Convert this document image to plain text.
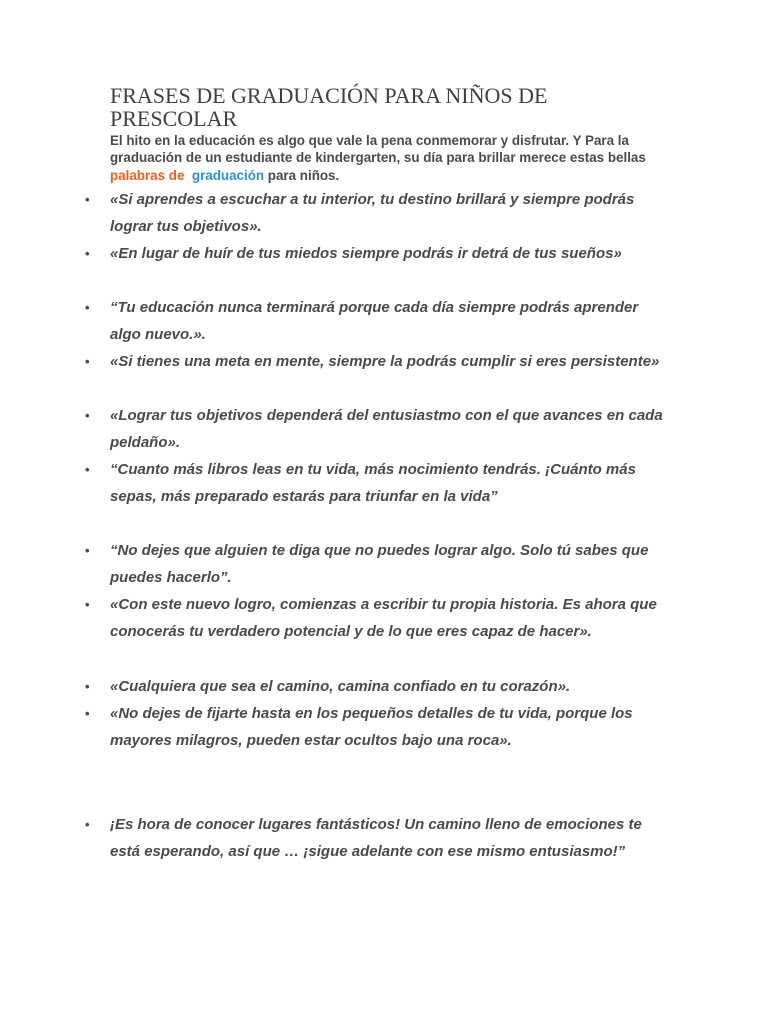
FRASES DE GRADUACIÓN PARA NIÑOS DE PRESCOLAR

El hito en la educación es algo que vale la pena conmemorar y disfrutar. Y Para la graduación de un estudiante de kindergarten, su día para brillar merece estas bellas palabras de graduación para niños.

• «Si aprendes a escuchar a tu interior, tu destino brillará y siempre podrás lograr tus objetivos».
• «En lugar de huír de tus miedos siempre podrás ir detrá de tus sueños»
• “Tu educación nunca terminará porque cada día siempre podrás aprender algo nuevo.».
• «Si tienes una meta en mente, siempre la podrás cumplir si eres persistente»
• «Lograr tus objetivos dependerá del entusiastmo con el que avances en cada peldaño».
• “Cuanto más libros leas en tu vida, más nocimiento tendrás. ¡Cuánto más sepas, más preparado estarás para triunfar en la vida”
• “No dejes que alguien te diga que no puedes lograr algo. Solo tú sabes que puedes hacerlo”.
• «Con este nuevo logro, comienzas a escribir tu propia historia. Es ahora que conocerás tu verdadero potencial y de lo que eres capaz de hacer».
• «Cualquiera que sea el camino, camina confiado en tu corazón».
• «No dejes de fijarte hasta en los pequeños detalles de tu vida, porque los mayores milagros, pueden estar ocultos bajo una roca».
• ¡Es hora de conocer lugares fantásticos! Un camino lleno de emociones te está esperando, así que … ¡sigue adelante con ese mismo entusiasmo!”
